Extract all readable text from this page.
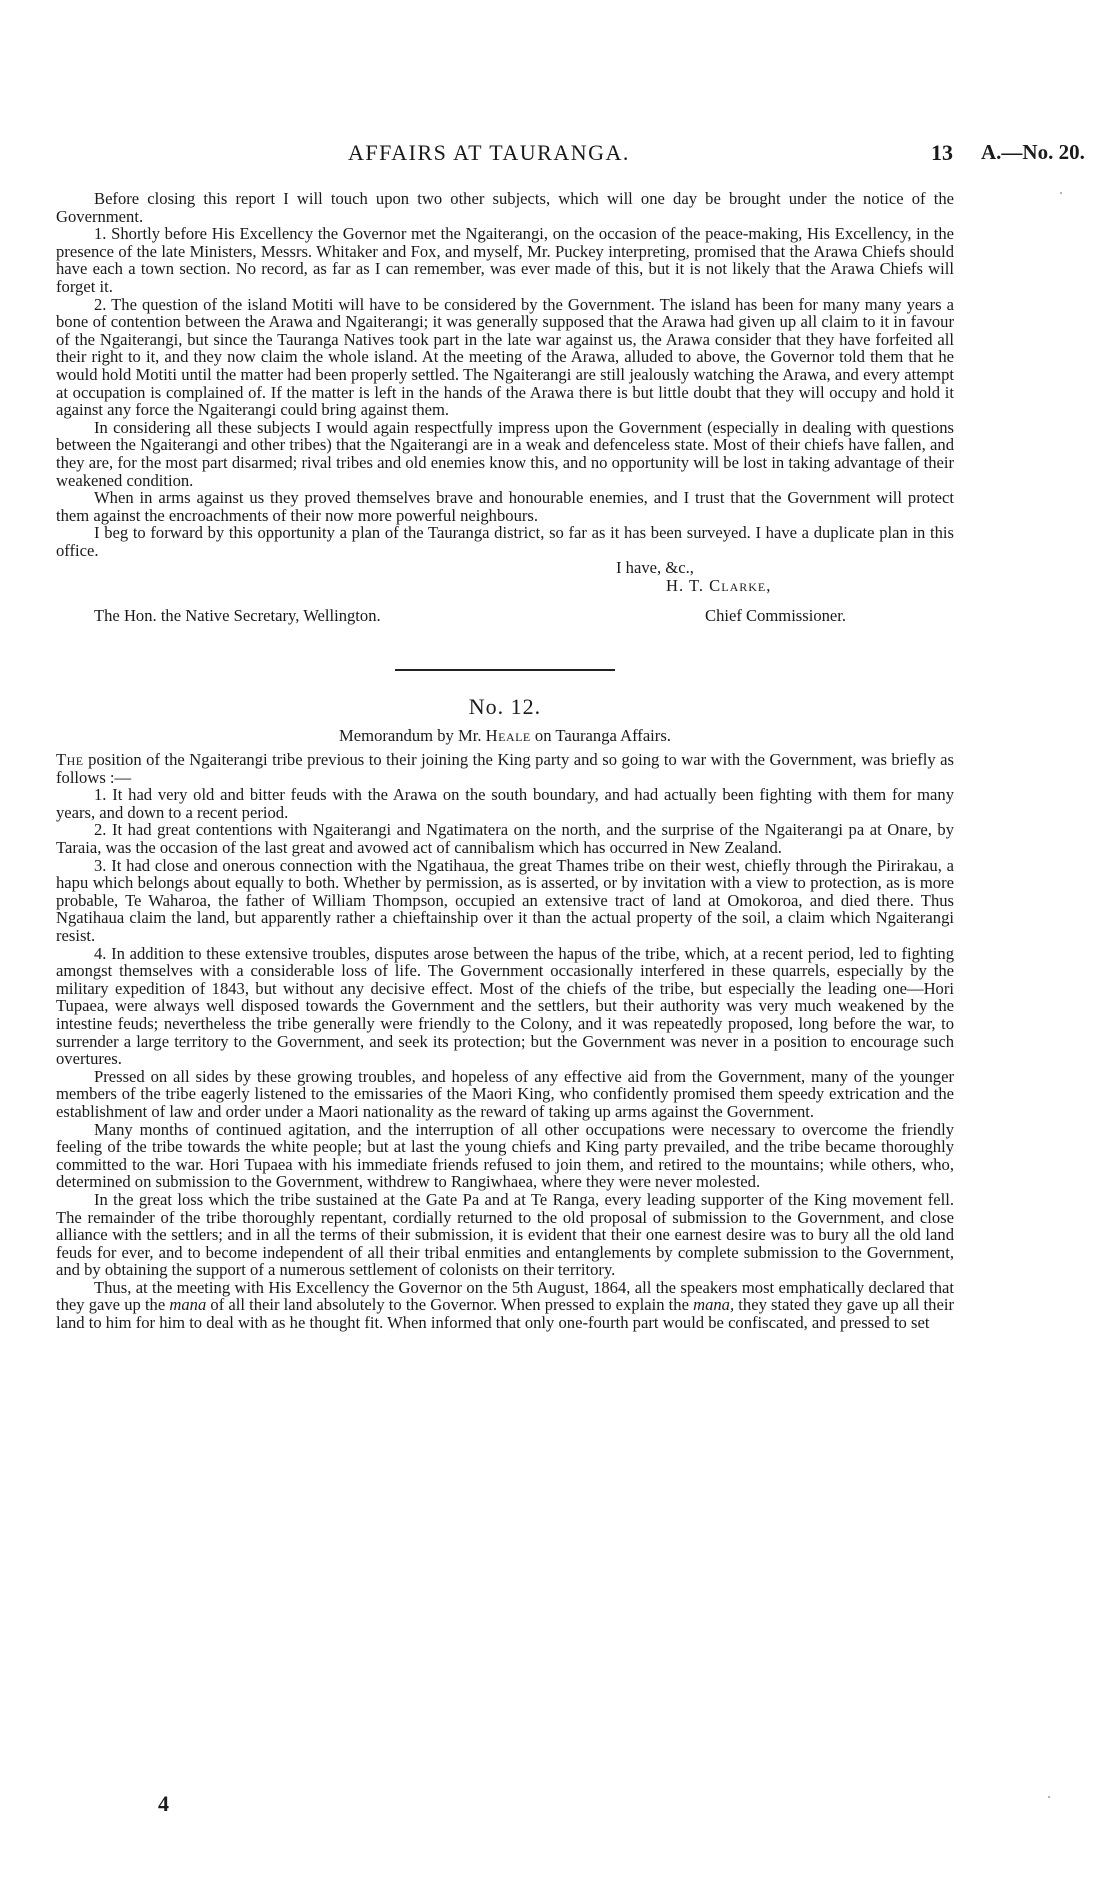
AFFAIRS AT TAURANGA.	13 A.—No. 20.

Before closing this report I will touch upon two other subjects, which will one day be brought under the notice of the Government.

1. Shortly before His Excellency the Governor met the Ngaiterangi, on the occasion of the peace-making, His Excellency, in the presence of the late Ministers, Messrs. Whitaker and Fox, and myself, Mr. Puckey interpreting, promised that the Arawa Chiefs should have each a town section. No record, as far as I can remember, was ever made of this, but it is not likely that the Arawa Chiefs will forget it.

2. The question of the island Motiti will have to be considered by the Government. The island has been for many many years a bone of contention between the Arawa and Ngaiterangi; it was generally supposed that the Arawa had given up all claim to it in favour of the Ngaiterangi, but since the Tauranga Natives took part in the late war against us, the Arawa consider that they have forfeited all their right to it, and they now claim the whole island. At the meeting of the Arawa, alluded to above, the Governor told them that he would hold Motiti until the matter had been properly settled. The Ngaiterangi are still jealously watching the Arawa, and every attempt at occupation is complained of. If the matter is left in the hands of the Arawa there is but little doubt that they will occupy and hold it against any force the Ngaiterangi could bring against them.

In considering all these subjects I would again respectfully impress upon the Government (especially in dealing with questions between the Ngaiterangi and other tribes) that the Ngaiterangi are in a weak and defenceless state. Most of their chiefs have fallen, and they are, for the most part disarmed; rival tribes and old enemies know this, and no opportunity will be lost in taking advantage of their weakened condition.

When in arms against us they proved themselves brave and honourable enemies, and I trust that the Government will protect them against the encroachments of their now more powerful neighbours.

I beg to forward by this opportunity a plan of the Tauranga district, so far as it has been surveyed. I have a duplicate plan in this office.

I have, &c.,
H. T. Clarke,
The Hon. the Native Secretary, Wellington.	Chief Commissioner.
No. 12.
Memorandum by Mr. Heale on Tauranga Affairs.

The position of the Ngaiterangi tribe previous to their joining the King party and so going to war with the Government, was briefly as follows :—

1. It had very old and bitter feuds with the Arawa on the south boundary, and had actually been fighting with them for many years, and down to a recent period.

2. It had great contentions with Ngaiterangi and Ngatimatera on the north, and the surprise of the Ngaiterangi pa at Onare, by Taraia, was the occasion of the last great and avowed act of cannibalism which has occurred in New Zealand.

3. It had close and onerous connection with the Ngatihaua, the great Thames tribe on their west, chiefly through the Pirirakau, a hapu which belongs about equally to both. Whether by permission, as is asserted, or by invitation with a view to protection, as is more probable, Te Waharoa, the father of William Thompson, occupied an extensive tract of land at Omokoroa, and died there. Thus Ngatihaua claim the land, but apparently rather a chieftainship over it than the actual property of the soil, a claim which Ngaiterangi resist.

4. In addition to these extensive troubles, disputes arose between the hapus of the tribe, which, at a recent period, led to fighting amongst themselves with a considerable loss of life. The Government occasionally interfered in these quarrels, especially by the military expedition of 1843, but without any decisive effect. Most of the chiefs of the tribe, but especially the leading one—Hori Tupaea, were always well disposed towards the Government and the settlers, but their authority was very much weakened by the intestine feuds; nevertheless the tribe generally were friendly to the Colony, and it was repeatedly proposed, long before the war, to surrender a large territory to the Government, and seek its protection; but the Government was never in a position to encourage such overtures.

Pressed on all sides by these growing troubles, and hopeless of any effective aid from the Government, many of the younger members of the tribe eagerly listened to the emissaries of the Maori King, who confidently promised them speedy extrication and the establishment of law and order under a Maori nationality as the reward of taking up arms against the Government.

Many months of continued agitation, and the interruption of all other occupations were necessary to overcome the friendly feeling of the tribe towards the white people; but at last the young chiefs and King party prevailed, and the tribe became thoroughly committed to the war. Hori Tupaea with his immediate friends refused to join them, and retired to the mountains; while others, who, determined on submission to the Government, withdrew to Rangiwhaea, where they were never molested.

In the great loss which the tribe sustained at the Gate Pa and at Te Ranga, every leading supporter of the King movement fell. The remainder of the tribe thoroughly repentant, cordially returned to the old proposal of submission to the Government, and close alliance with the settlers; and in all the terms of their submission, it is evident that their one earnest desire was to bury all the old land feuds for ever, and to become independent of all their tribal enmities and entanglements by complete submission to the Government, and by obtaining the support of a numerous settlement of colonists on their territory.

Thus, at the meeting with His Excellency the Governor on the 5th August, 1864, all the speakers most emphatically declared that they gave up the mana of all their land absolutely to the Governor. When pressed to explain the mana, they stated they gave up all their land to him for him to deal with as he thought fit. When informed that only one-fourth part would be confiscated, and pressed to set

4
